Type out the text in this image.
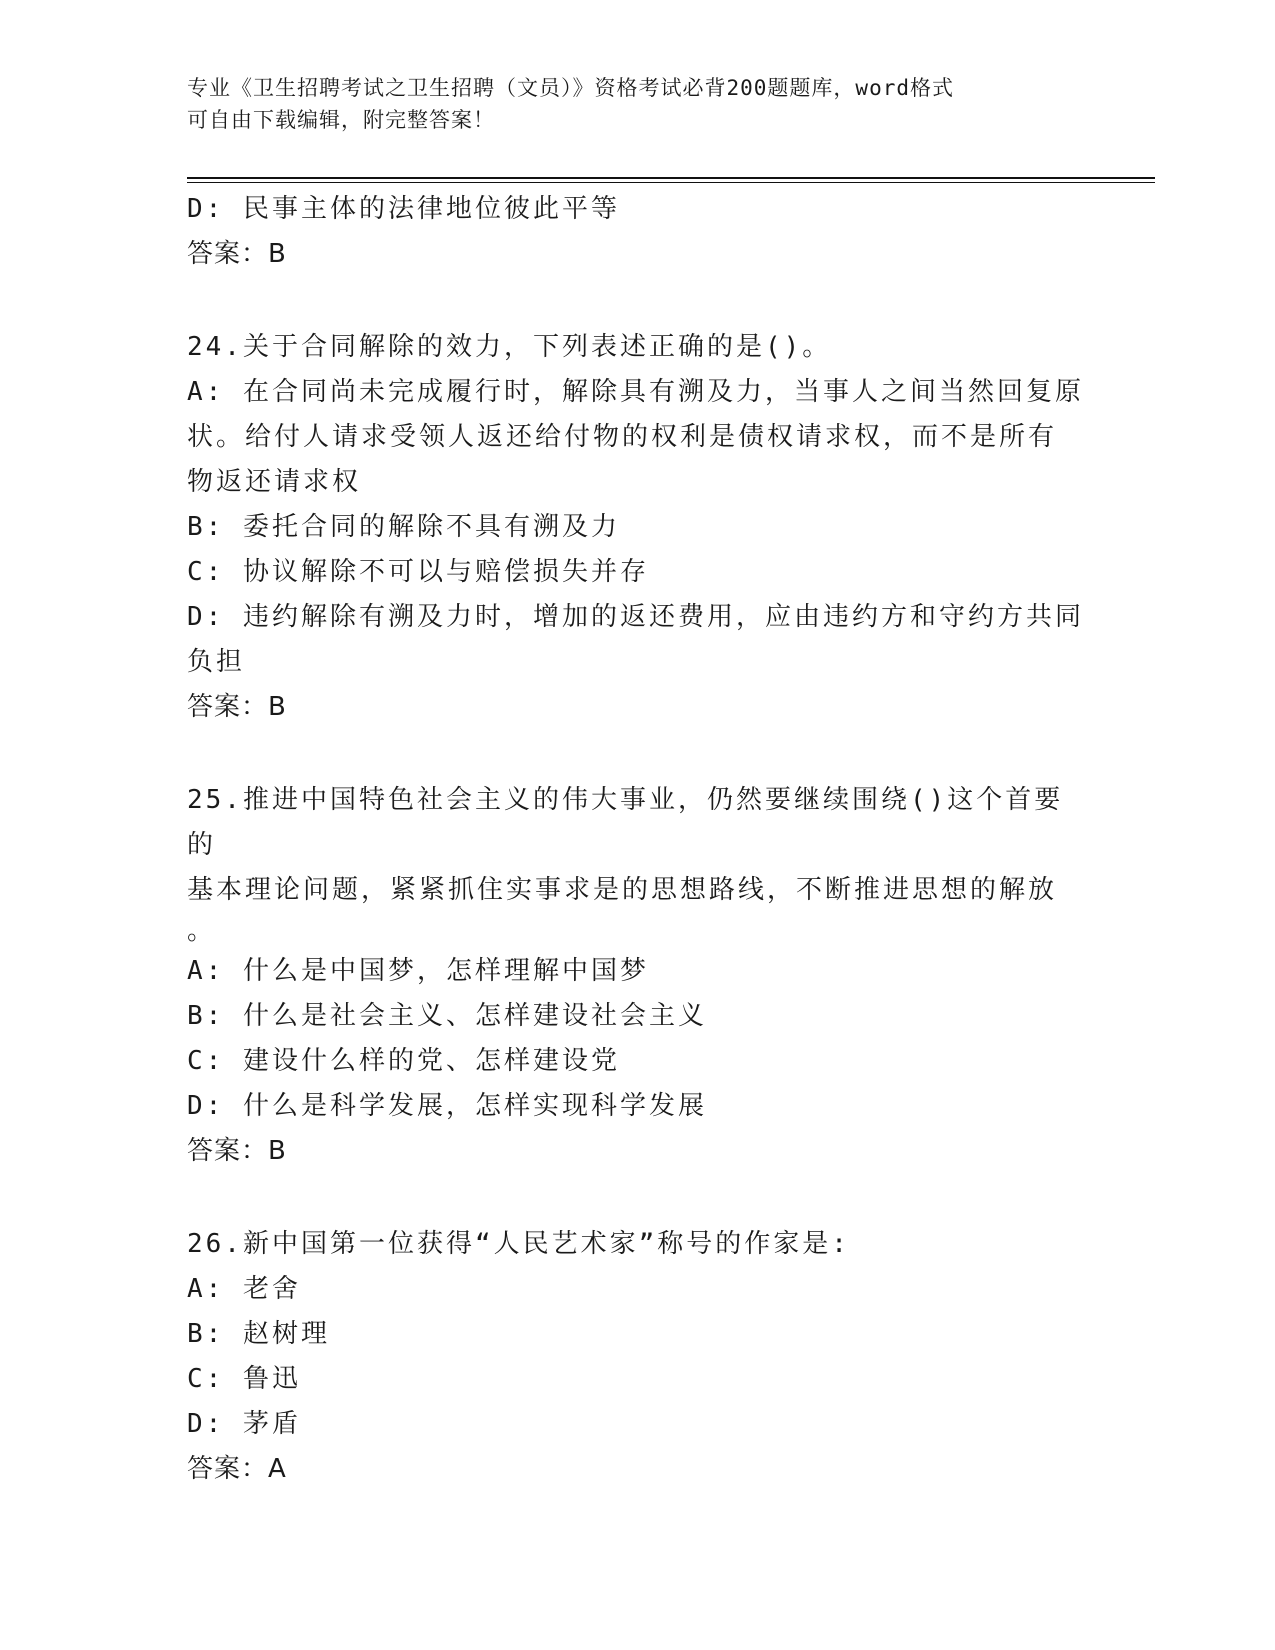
专业《卫生招聘考试之卫生招聘（文员）》资格考试必背200题题库，word格式
可自由下载编辑，附完整答案！
D: 民事主体的法律地位彼此平等
答案：B
24.关于合同解除的效力，下列表述正确的是()。
A: 在合同尚未完成履行时，解除具有溯及力，当事人之间当然回复原
状。给付人请求受领人返还给付物的权利是债权请求权，而不是所有
物返还请求权
B: 委托合同的解除不具有溯及力
C: 协议解除不可以与赔偿损失并存
D: 违约解除有溯及力时，增加的返还费用，应由违约方和守约方共同
负担
答案：B
25.推进中国特色社会主义的伟大事业，仍然要继续围绕()这个首要的
基本理论问题，紧紧抓住实事求是的思想路线，不断推进思想的解放
。
A: 什么是中国梦，怎样理解中国梦
B: 什么是社会主义、怎样建设社会主义
C: 建设什么样的党、怎样建设党
D: 什么是科学发展，怎样实现科学发展
答案：B
26.新中国第一位获得“人民艺术家”称号的作家是:
A: 老舍
B: 赵树理
C: 鲁迅
D: 茅盾
答案：A
